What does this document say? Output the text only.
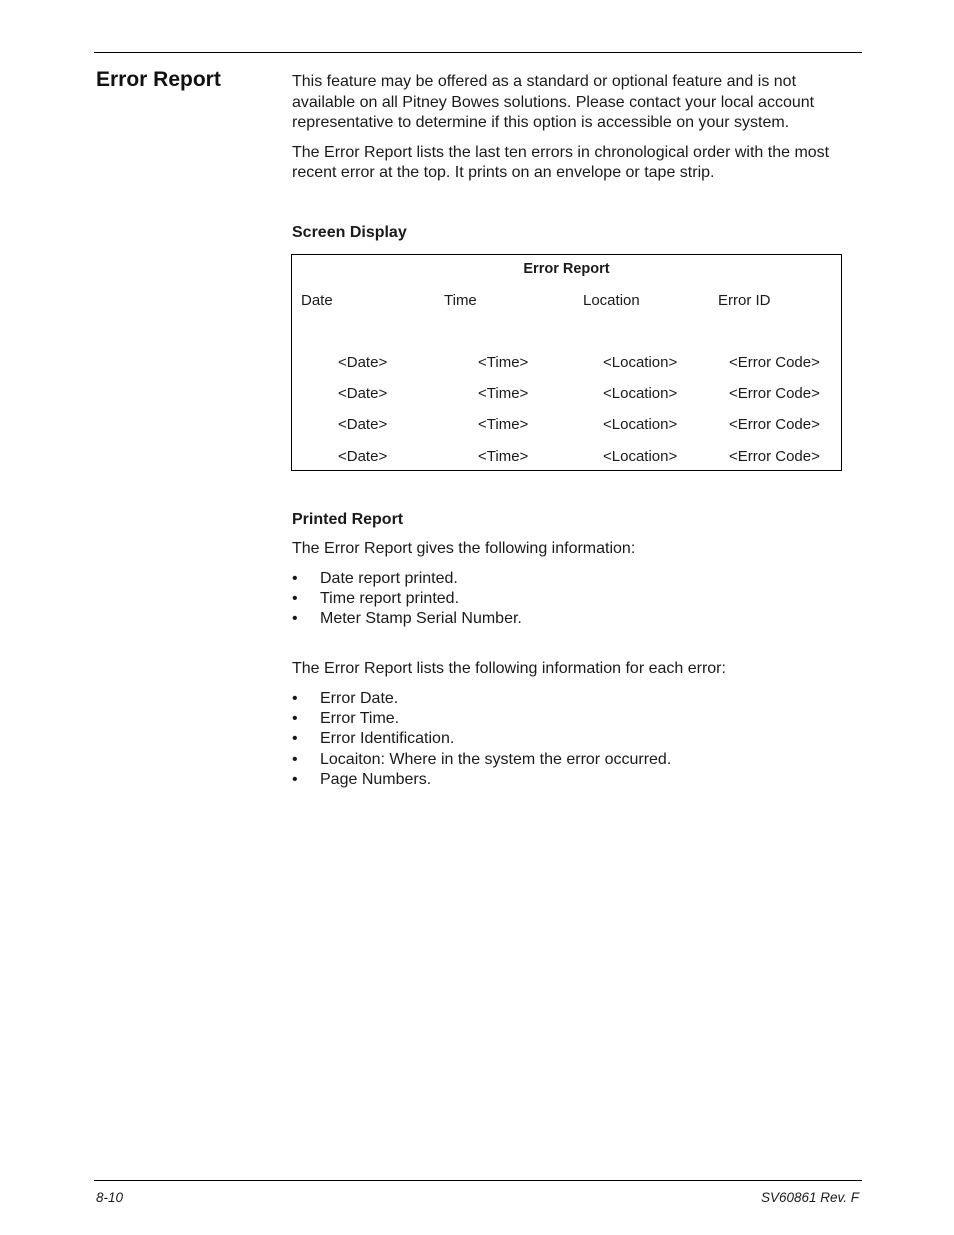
Error Report	This feature may be offered as a standard or optional feature and is not available on all Pitney Bowes solutions. Please contact your local account representative to determine if this option is accessible on your system.

The Error Report lists the last ten errors in chronological order with the most recent error at the top. It prints on an envelope or tape strip.

Screen Display
Error Report
Date	Time	Location	Error ID
<Date>	<Time>	<Location>	<Error Code>
<Date>	<Time>	<Location>	<Error Code>
<Date>	<Time>	<Location>	<Error Code>
<Date>	<Time>	<Location>	<Error Code>
Printed Report

The Error Report gives the following information:

• Date report printed.
• Time report printed.
• Meter Stamp Serial Number.

The Error Report lists the following information for each error:

• Error Date.
• Error Time.
• Error Identification.
• Locaiton: Where in the system the error occurred.
• Page Numbers.
8-10	SV60861 Rev. F
